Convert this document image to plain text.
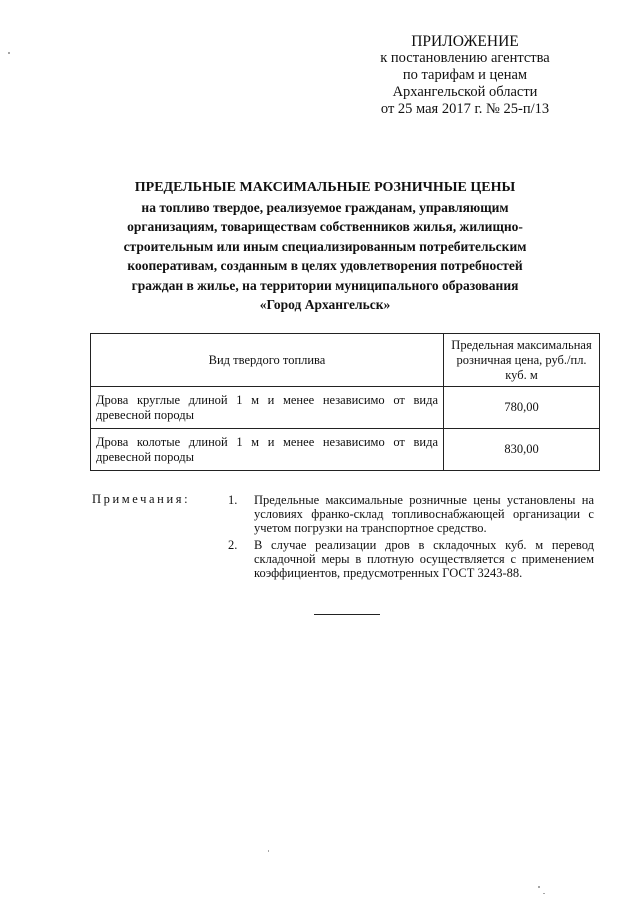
ПРИЛОЖЕНИЕ
к постановлению агентства
по тарифам и ценам
Архангельской области
от 25 мая 2017 г. № 25-п/13
ПРЕДЕЛЬНЫЕ МАКСИМАЛЬНЫЕ РОЗНИЧНЫЕ ЦЕНЫ
на топливо твердое, реализуемое гражданам, управляющим
организациям, товариществам собственников жилья, жилищно-
строительным или иным специализированным потребительским
кооперативам, созданным в целях удовлетворения потребностей
граждан в жилье, на территории муниципального образования
«Город Архангельск»
Вид твердого топлива	Предельная максимальная розничная цена, руб./пл. куб. м
Дрова круглые длиной 1 м и менее независимо от вида древесной породы	780,00
Дрова колотые длиной 1 м и менее независимо от вида древесной породы	830,00
Примечания:	1. Предельные максимальные розничные цены установлены на условиях франко-склад топливоснабжающей организации с учетом погрузки на транспортное средство.
2. В случае реализации дров в складочных куб. м перевод складочной меры в плотную осуществляется с применением коэффициентов, предусмотренных ГОСТ 3243-88.
